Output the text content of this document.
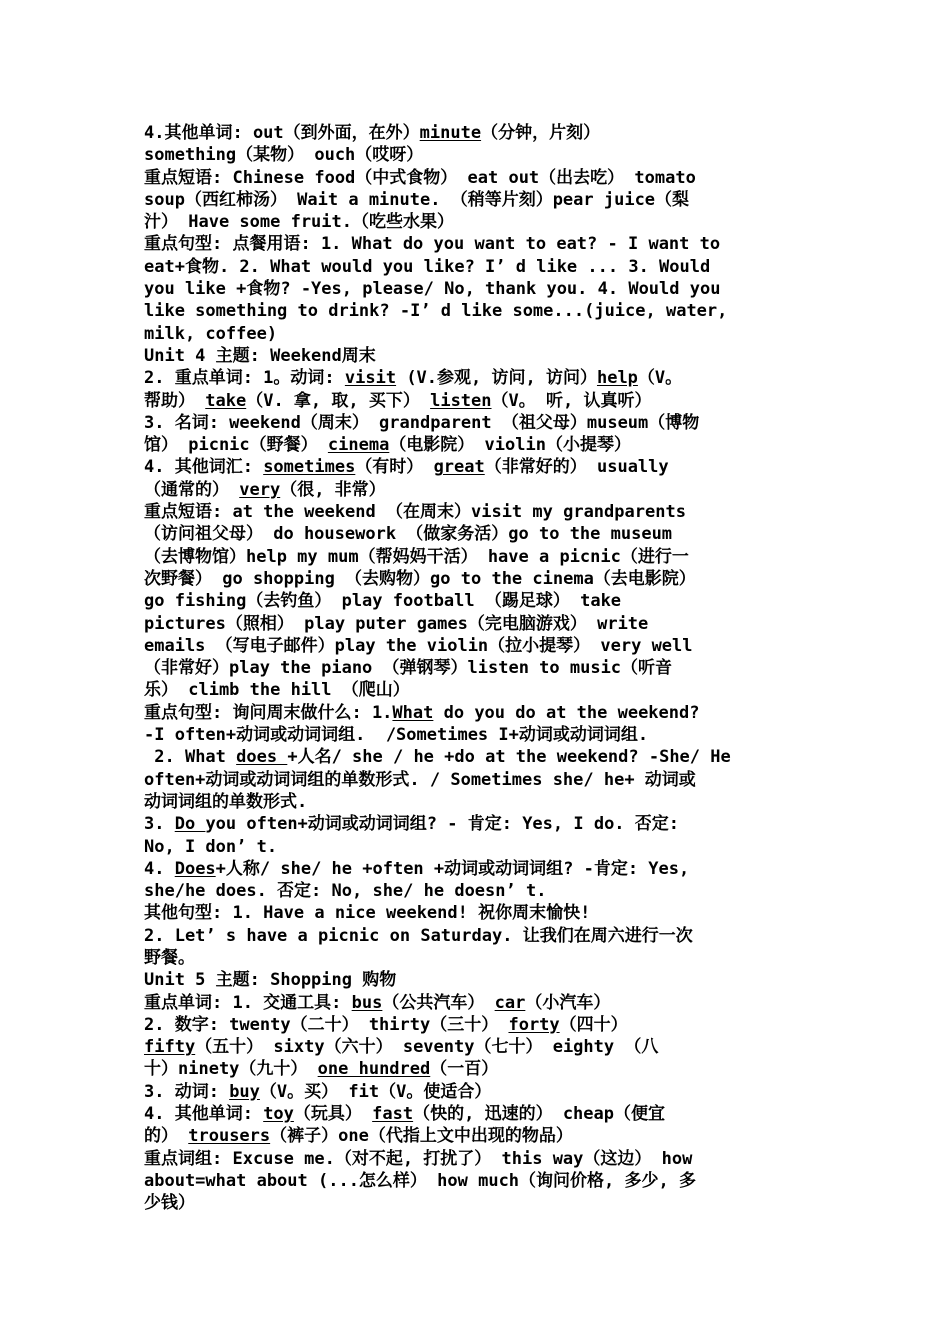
4.其他单词: out（到外面，在外）minute（分钟，片刻）
something（某物） ouch（哎呀）
重点短语: Chinese food（中式食物） eat out（出去吃） tomato
soup（西红柿汤） Wait a minute. （稍等片刻）pear juice（梨
汁） Have some fruit.（吃些水果）
重点句型: 点餐用语: 1. What do you want to eat? - I want to
eat+食物. 2. What would you like? I’ d like ... 3. Would
you like +食物? -Yes, please/ No, thank you. 4. Would you
like something to drink? -I’ d like some...(juice, water,
milk, coffee)
Unit 4 主题: Weekend周末
2. 重点单词: 1。动词: visit (V.参观, 访问, 访问）help（V。
帮助） take（V. 拿, 取, 买下） listen（V。 听, 认真听）
3. 名词: weekend（周末） grandparent （祖父母）museum（博物
馆） picnic（野餐） cinema（电影院） violin（小提琴）
4. 其他词汇: sometimes（有时） great（非常好的） usually
（通常的） very（很, 非常）
重点短语: at the weekend （在周末）visit my grandparents
（访问祖父母） do housework （做家务活）go to the museum
（去博物馆）help my mum（帮妈妈干活） have a picnic（进行一
次野餐） go shopping （去购物）go to the cinema（去电影院）
go fishing（去钓鱼） play football （踢足球） take
pictures（照相） play puter games（完电脑游戏） write
emails （写电子邮件）play the violin（拉小提琴） very well
（非常好）play the piano （弹钢琴）listen to music（听音
乐） climb the hill （爬山）
重点句型: 询问周末做什么: 1.What do you do at the weekend?
-I often+动词或动词词组.  /Sometimes I+动词或动词词组.
2. What does +人名/ she / he +do at the weekend? -She/ He
often+动词或动词词组的单数形式. / Sometimes she/ he+ 动词或
动词词组的单数形式.
3. Do you often+动词或动词词组? - 肯定: Yes, I do. 否定:
No, I don’ t.
4. Does+人称/ she/ he +often +动词或动词词组? -肯定: Yes,
she/he does. 否定: No, she/ he doesn’ t.
其他句型: 1. Have a nice weekend! 祝你周末愉快!
2. Let’ s have a picnic on Saturday. 让我们在周六进行一次
野餐。
Unit 5 主题: Shopping 购物
重点单词: 1. 交通工具: bus（公共汽车） car（小汽车）
2. 数字: twenty（二十） thirty（三十） forty（四十）
fifty（五十） sixty（六十） seventy（七十） eighty （八
十）ninety（九十） one hundred（一百）
3. 动词: buy（V。买） fit（V。使适合）
4. 其他单词: toy（玩具） fast（快的, 迅速的） cheap（便宜
的） trousers（裤子）one（代指上文中出现的物品）
重点词组: Excuse me.（对不起, 打扰了） this way（这边） how
about=what about (...怎么样） how much（询问价格, 多少, 多
少钱）
